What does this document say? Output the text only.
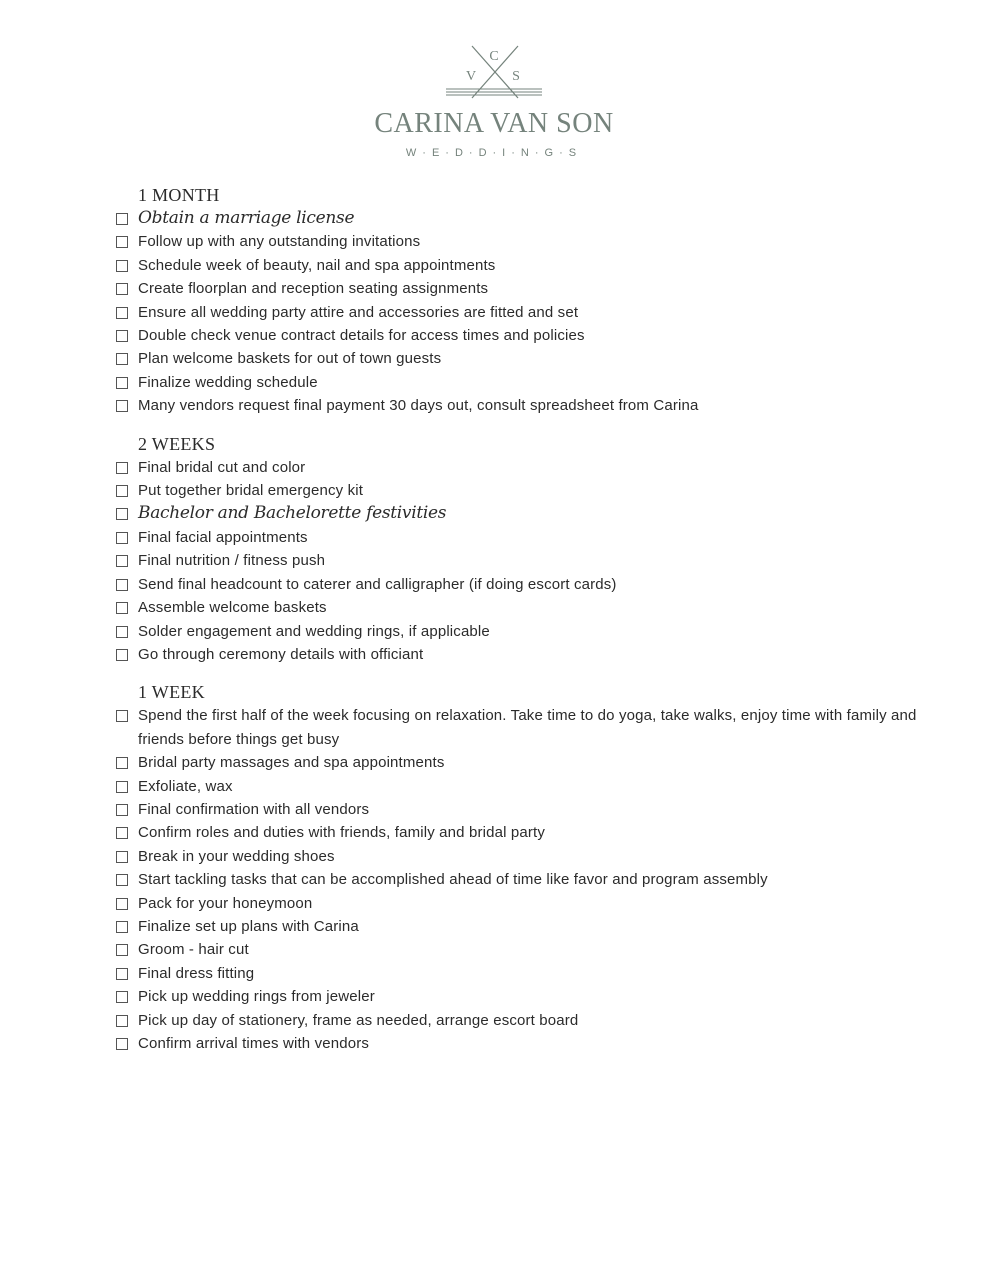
C
V	S
CARINA VAN SON
W·E·D·D·I·N·G·S
1 MONTH
Obtain a marriage license
Follow up with any outstanding invitations
Schedule week of beauty, nail and spa appointments
Create floorplan and reception seating assignments
Ensure all wedding party attire and accessories are fitted and set
Double check venue contract details for access times and policies
Plan welcome baskets for out of town guests
Finalize wedding schedule
Many vendors request final payment 30 days out, consult spreadsheet from Carina
2 WEEKS
Final bridal cut and color
Put together bridal emergency kit
Bachelor and Bachelorette festivities
Final facial appointments
Final nutrition / fitness push
Send final headcount to caterer and calligrapher (if doing escort cards)
Assemble welcome baskets
Solder engagement and wedding rings, if applicable
Go through ceremony details with officiant
1 WEEK
Spend the first half of the week focusing on relaxation. Take time to do yoga, take walks, enjoy time with family and friends before things get busy
Bridal party massages and spa appointments
Exfoliate, wax
Final confirmation with all vendors
Confirm roles and duties with friends, family and bridal party
Break in your wedding shoes
Start tackling tasks that can be accomplished ahead of time like favor and program assembly
Pack for your honeymoon
Finalize set up plans with Carina
Groom - hair cut
Final dress fitting
Pick up wedding rings from jeweler
Pick up day of stationery, frame as needed, arrange escort board
Confirm arrival times with vendors
